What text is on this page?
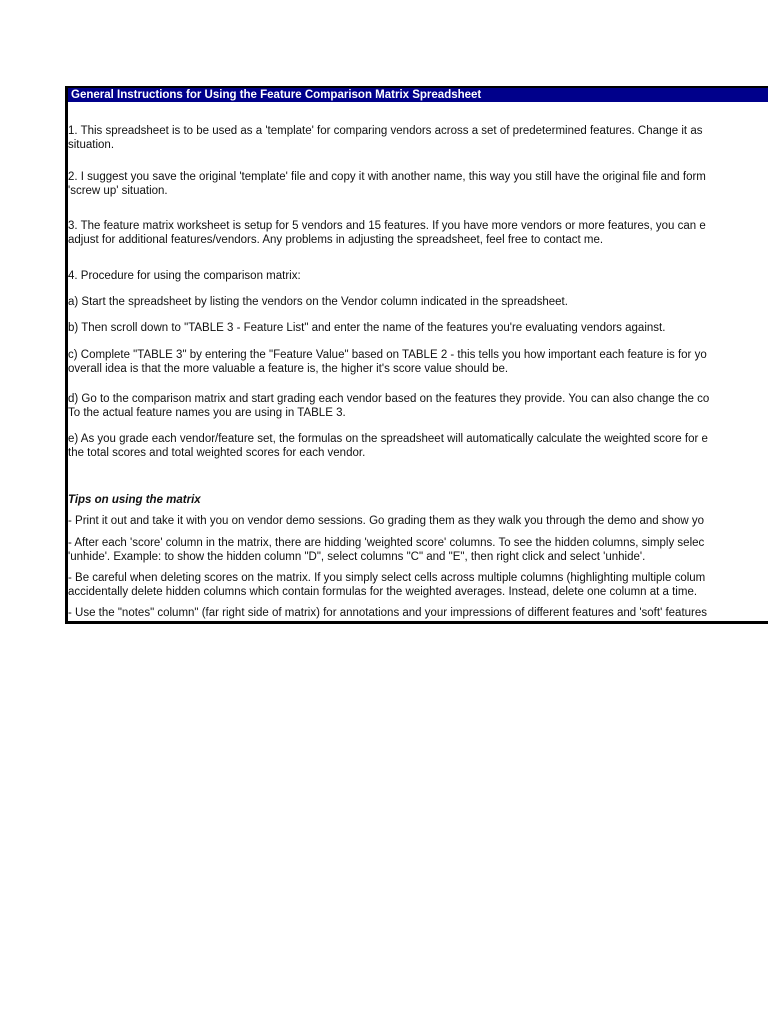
General Instructions for Using the Feature Comparison Matrix Spreadsheet
1. This spreadsheet is to be used as a 'template' for comparing vendors across a set of predetermined features. Change it as
situation.
2. I suggest you save the original 'template' file and copy it with another name, this way you still have the original file and form
'screw up' situation.
3. The feature matrix worksheet is setup for 5 vendors and 15 features. If you have more vendors or more features, you can e
adjust for additional features/vendors. Any problems in adjusting the spreadsheet, feel free to contact me.
4. Procedure for using the comparison matrix:
a) Start the spreadsheet by listing the vendors on the Vendor column indicated in the spreadsheet.
b) Then scroll down to "TABLE 3 - Feature List" and enter the name of the features you're evaluating vendors against.
c) Complete "TABLE 3" by entering the "Feature Value" based on TABLE 2 - this tells you how important each feature is for yo
overall idea is that the more valuable a feature is, the higher it's score value should be.
d) Go to the comparison matrix and start grading each vendor based on the features they provide. You can also change the co
To the actual feature names you are using in TABLE 3.
e) As you grade each vendor/feature set, the formulas on the spreadsheet will automatically calculate the weighted score for e
the total scores and total weighted scores for each vendor.
Tips on using the matrix
- Print it out and take it with you on vendor demo sessions. Go grading them as they walk you through the demo and show yo
- After each 'score' column in the matrix, there are hidding 'weighted score' columns. To see the hidden columns, simply selec
'unhide'. Example: to show the hidden column "D", select columns "C" and "E", then right click and select 'unhide'.
- Be careful when deleting scores on the matrix. If you simply select cells across multiple columns (highlighting multiple colum
accidentally delete hidden columns which contain formulas for the weighted averages. Instead, delete one column at a time.
- Use the "notes" column" (far right side of matrix) for annotations and your impressions of different features and 'soft' features
